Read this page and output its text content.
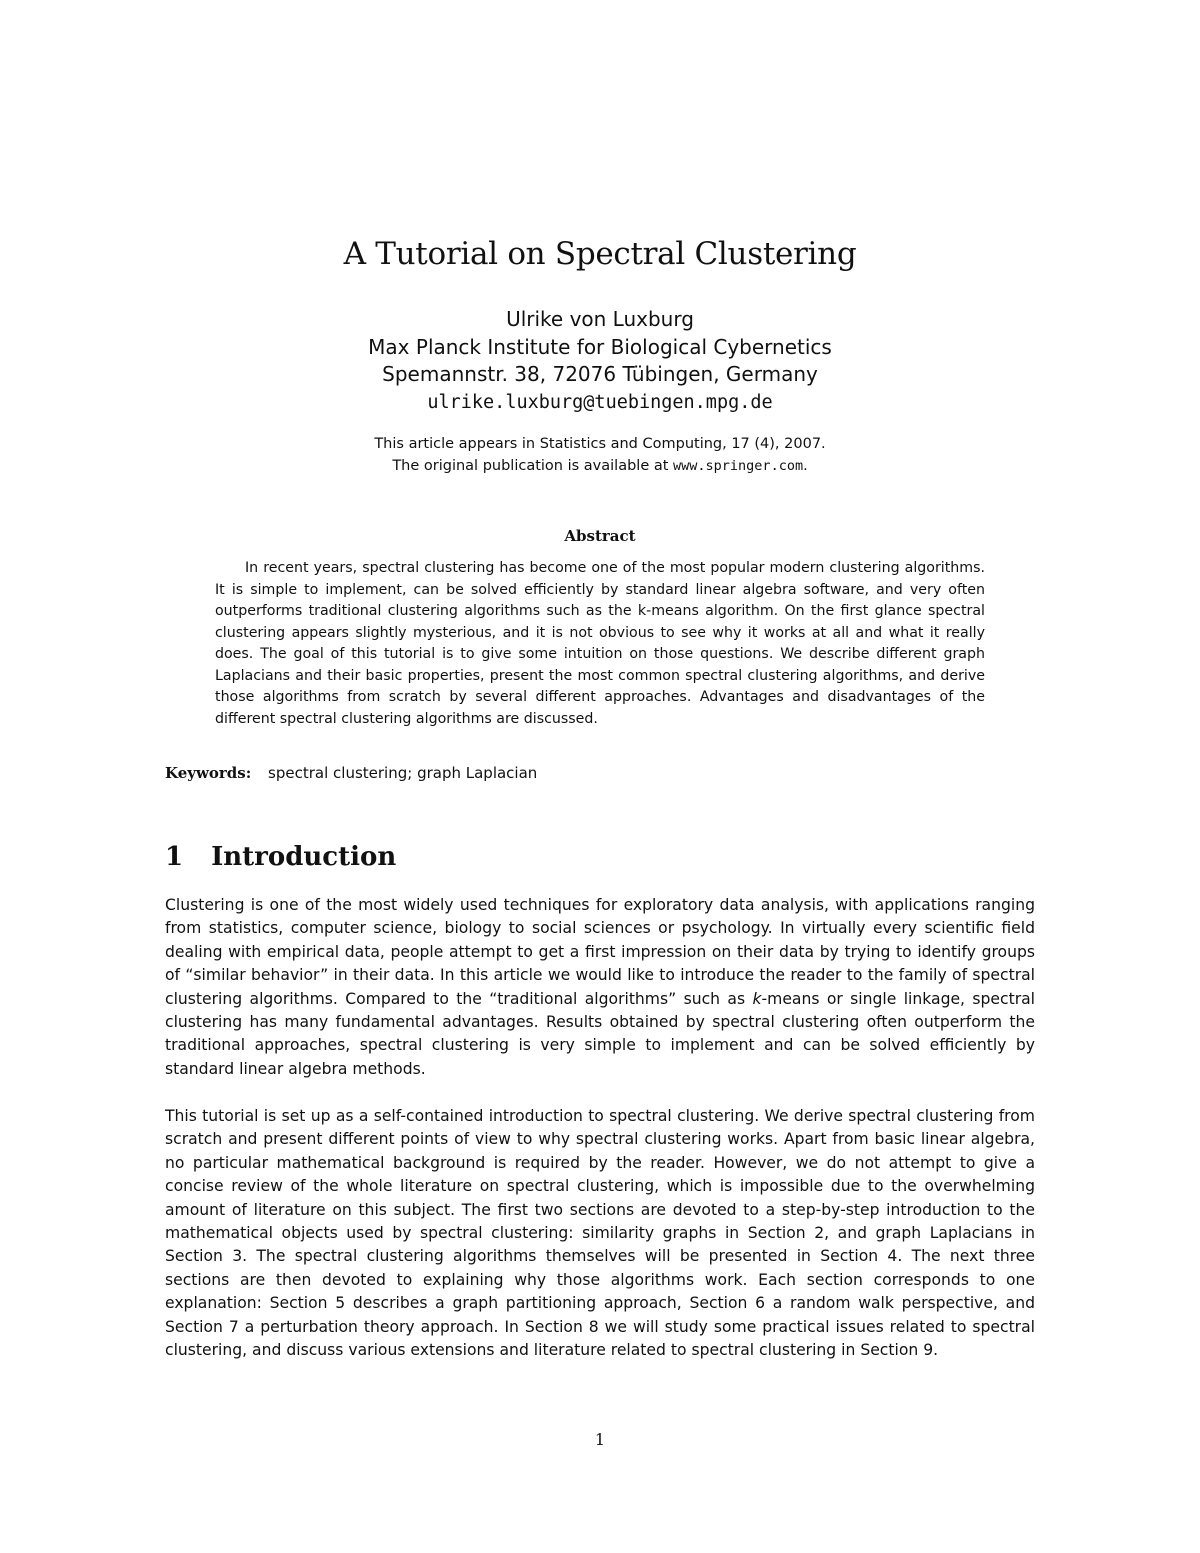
A Tutorial on Spectral Clustering
Ulrike von Luxburg
Max Planck Institute for Biological Cybernetics
Spemannstr. 38, 72076 Tübingen, Germany
ulrike.luxburg@tuebingen.mpg.de
This article appears in Statistics and Computing, 17 (4), 2007.
The original publication is available at www.springer.com.
Abstract

In recent years, spectral clustering has become one of the most popular modern clustering algorithms. It is simple to implement, can be solved efficiently by standard linear algebra software, and very often outperforms traditional clustering algorithms such as the k-means algorithm. On the first glance spectral clustering appears slightly mysterious, and it is not obvious to see why it works at all and what it really does. The goal of this tutorial is to give some intuition on those questions. We describe different graph Laplacians and their basic properties, present the most common spectral clustering algorithms, and derive those algorithms from scratch by several different approaches. Advantages and disadvantages of the different spectral clustering algorithms are discussed.

Keywords: spectral clustering; graph Laplacian
1 Introduction

Clustering is one of the most widely used techniques for exploratory data analysis, with applications ranging from statistics, computer science, biology to social sciences or psychology. In virtually every scientific field dealing with empirical data, people attempt to get a first impression on their data by trying to identify groups of “similar behavior” in their data. In this article we would like to introduce the reader to the family of spectral clustering algorithms. Compared to the “traditional algorithms” such as k-means or single linkage, spectral clustering has many fundamental advantages. Results obtained by spectral clustering often outperform the traditional approaches, spectral clustering is very simple to implement and can be solved efficiently by standard linear algebra methods.

This tutorial is set up as a self-contained introduction to spectral clustering. We derive spectral clustering from scratch and present different points of view to why spectral clustering works. Apart from basic linear algebra, no particular mathematical background is required by the reader. However, we do not attempt to give a concise review of the whole literature on spectral clustering, which is impossible due to the overwhelming amount of literature on this subject. The first two sections are devoted to a step-by-step introduction to the mathematical objects used by spectral clustering: similarity graphs in Section 2, and graph Laplacians in Section 3. The spectral clustering algorithms themselves will be presented in Section 4. The next three sections are then devoted to explaining why those algorithms work. Each section corresponds to one explanation: Section 5 describes a graph partitioning approach, Section 6 a random walk perspective, and Section 7 a perturbation theory approach. In Section 8 we will study some practical issues related to spectral clustering, and discuss various extensions and literature related to spectral clustering in Section 9.

1
